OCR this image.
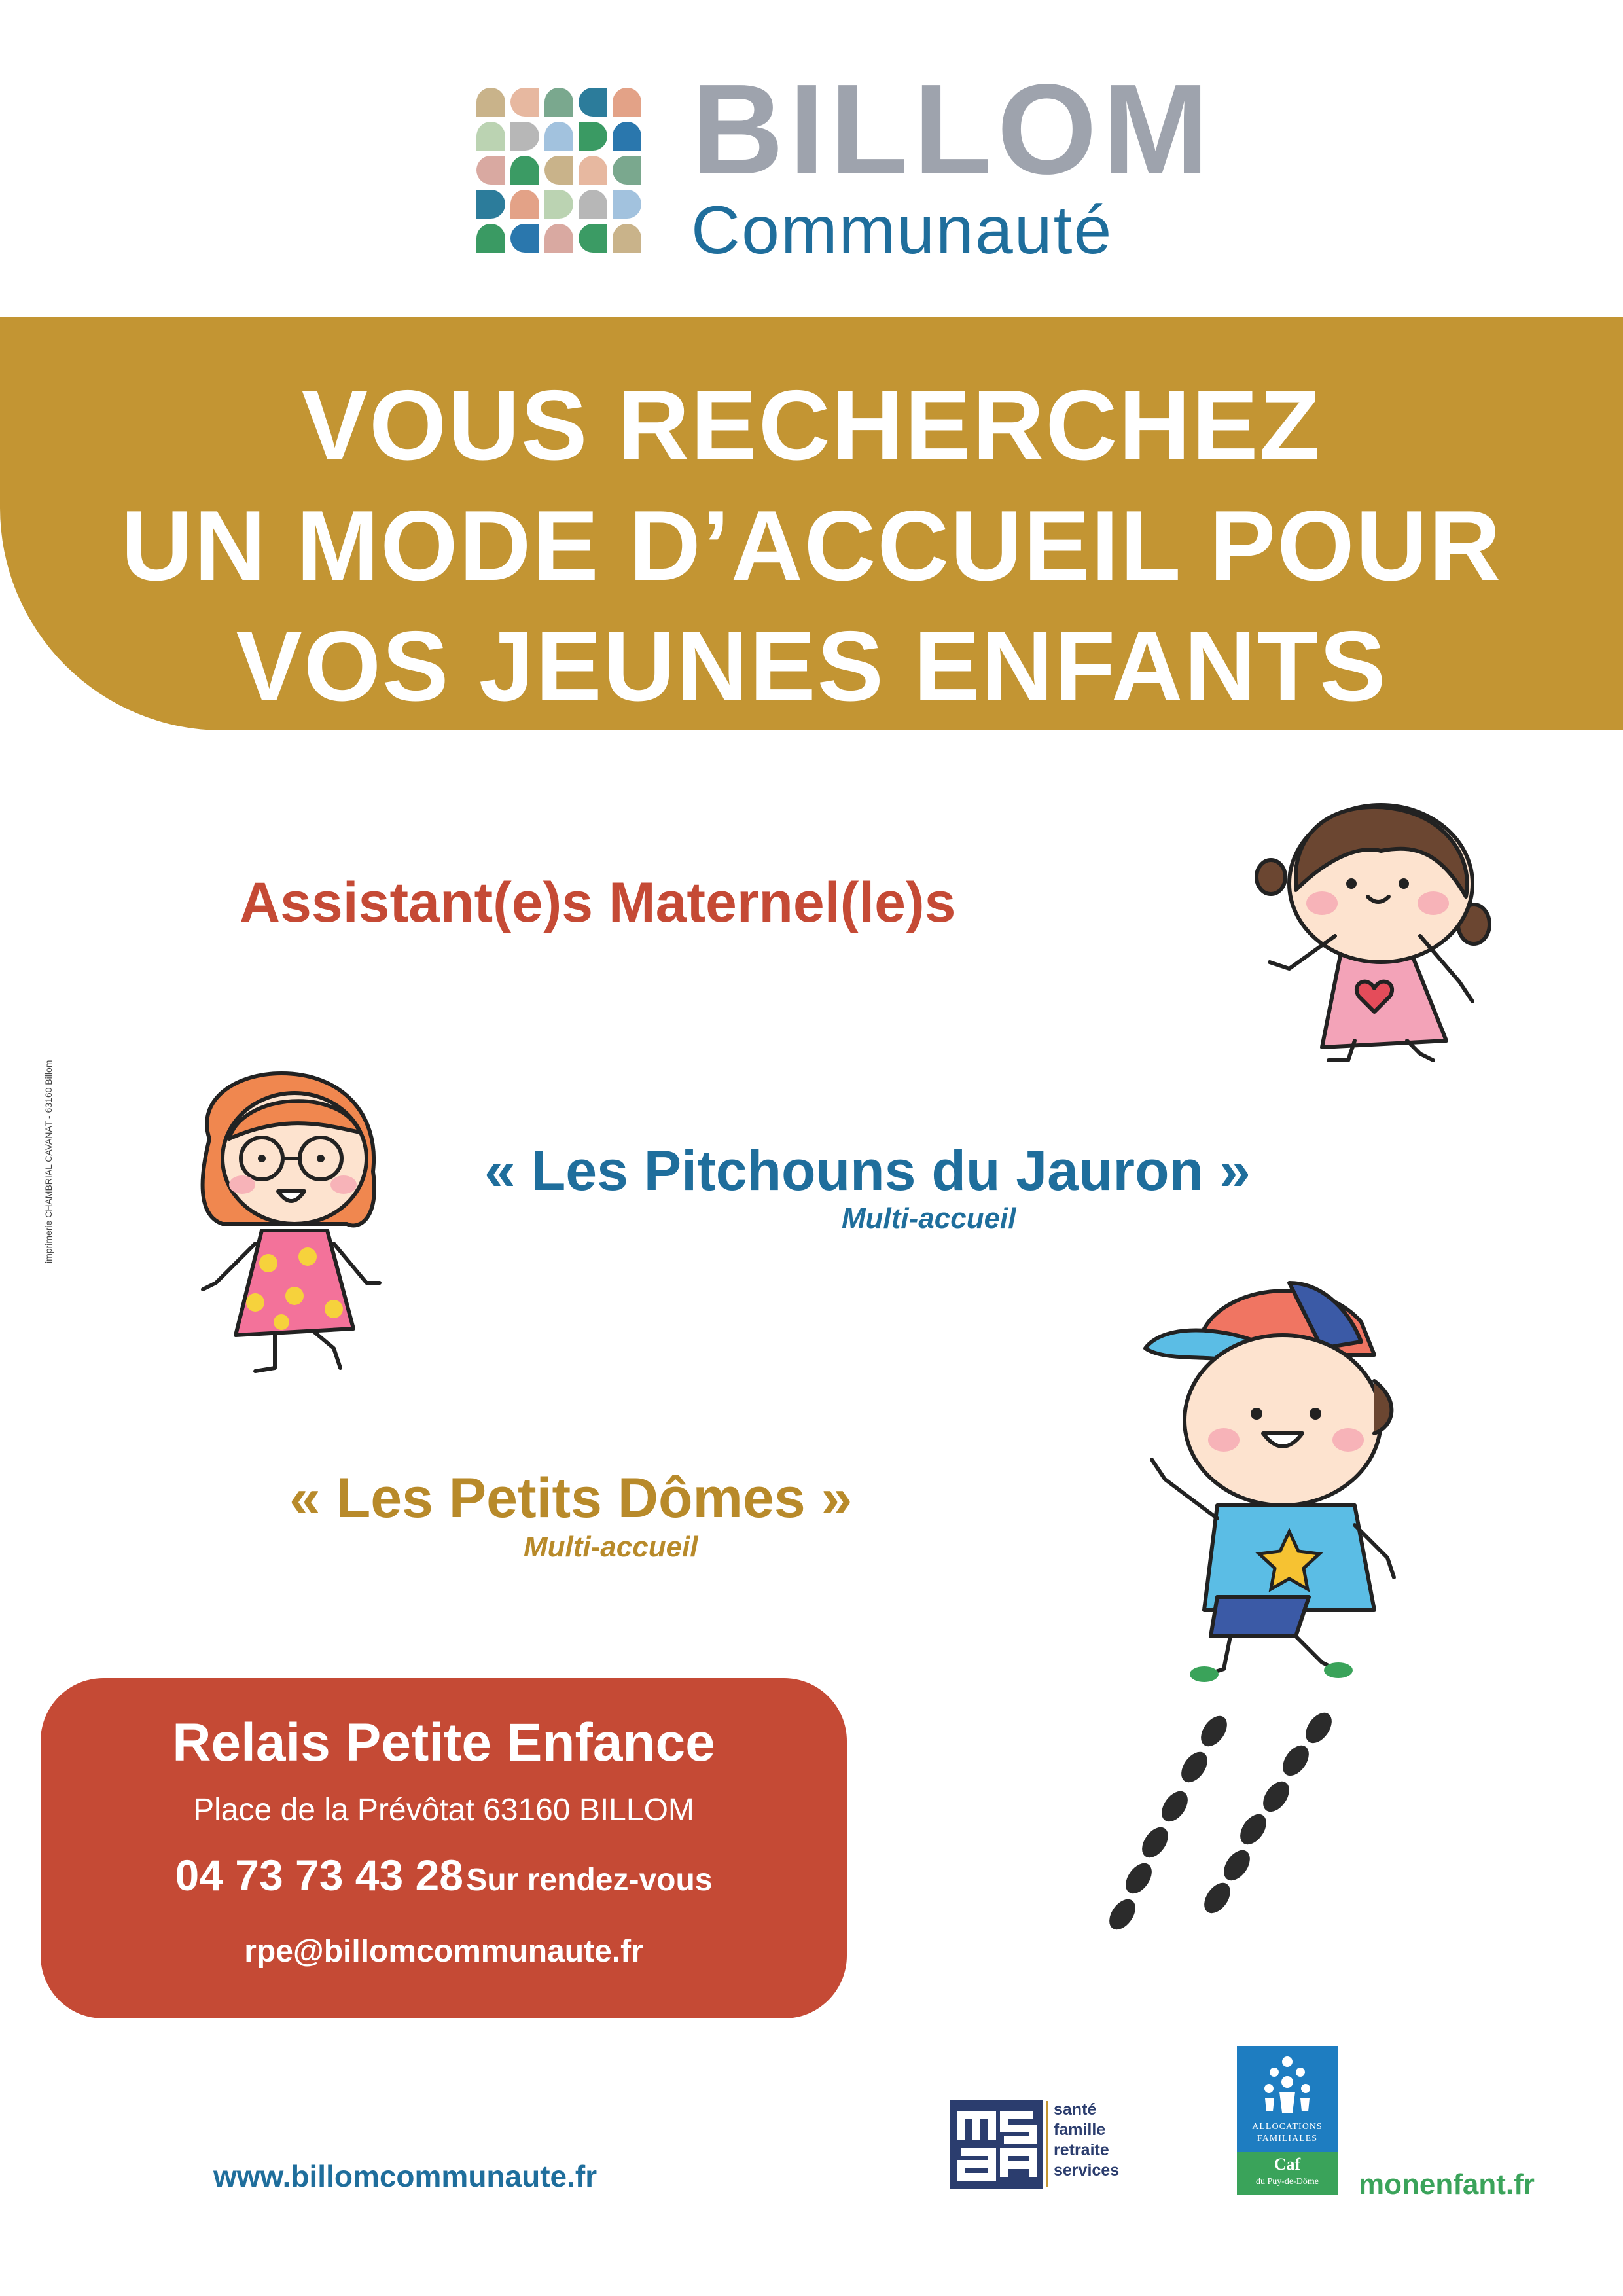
BILLOM
Communauté
VOUS RECHERCHEZ
UN MODE D’ACCUEIL POUR
VOS JEUNES ENFANTS
Assistant(e)s Maternel(le)s
« Les Pitchouns du Jauron »
Multi-accueil
« Les Petits Dômes »
Multi-accueil
Relais Petite Enfance
Place de la Prévôtat 63160 BILLOM
04 73 73 43 28 Sur rendez-vous
rpe@billomcommunaute.fr
www.billomcommunaute.fr
santé
famille
retraite
services
ALLOCATIONS
FAMILIALES
Caf
du Puy-de-Dôme	monenfant.fr
imprimerie CHAMBRIAL CAVANAT - 63160 Billom
